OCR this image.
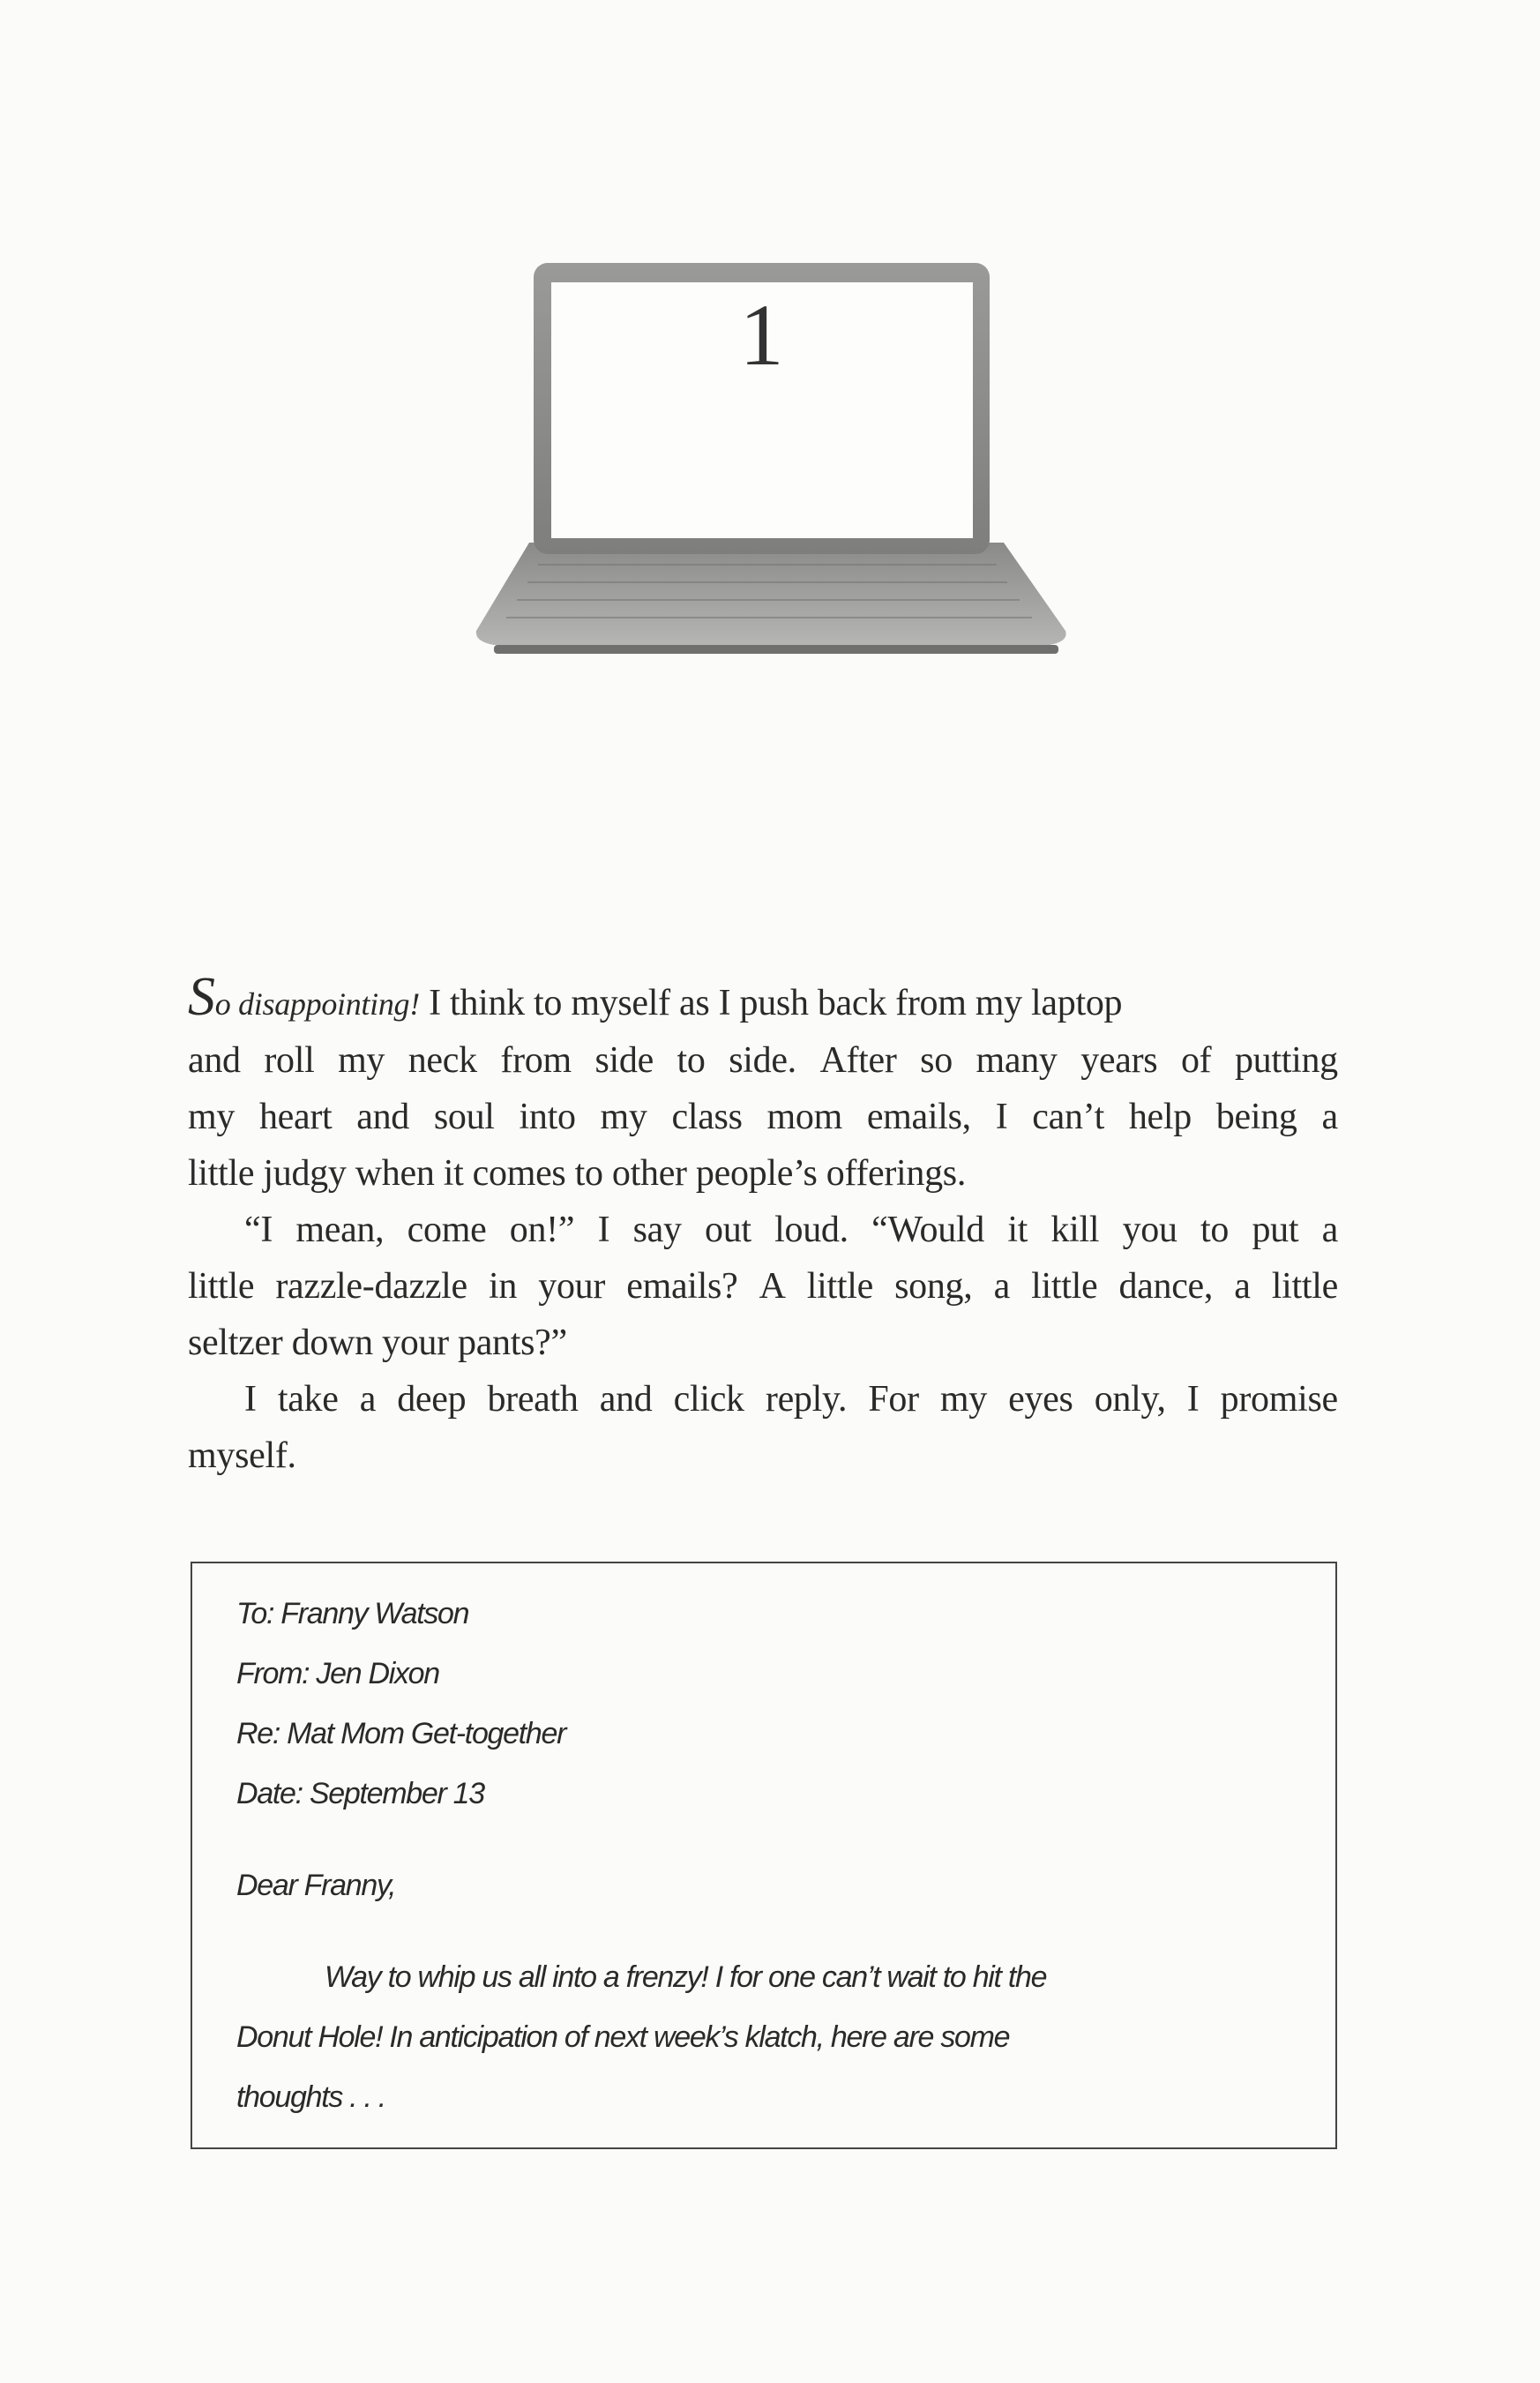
1
So disappointing! I think to myself as I push back from my laptop
and roll my neck from side to side. After so many years of putting
my heart and soul into my class mom emails, I can’t help being a
little judgy when it comes to other people’s offerings.
“I mean, come on!” I say out loud. “Would it kill you to put a
little razzle-dazzle in your emails? A little song, a little dance, a little
seltzer down your pants?”
I take a deep breath and click reply. For my eyes only, I promise
myself.
To: Franny Watson
From: Jen Dixon
Re: Mat Mom Get-together
Date: September 13
Dear Franny,
Way to whip us all into a frenzy! I for one can’t wait to hit the
Donut Hole! In anticipation of next week’s klatch, here are some
thoughts . . .
